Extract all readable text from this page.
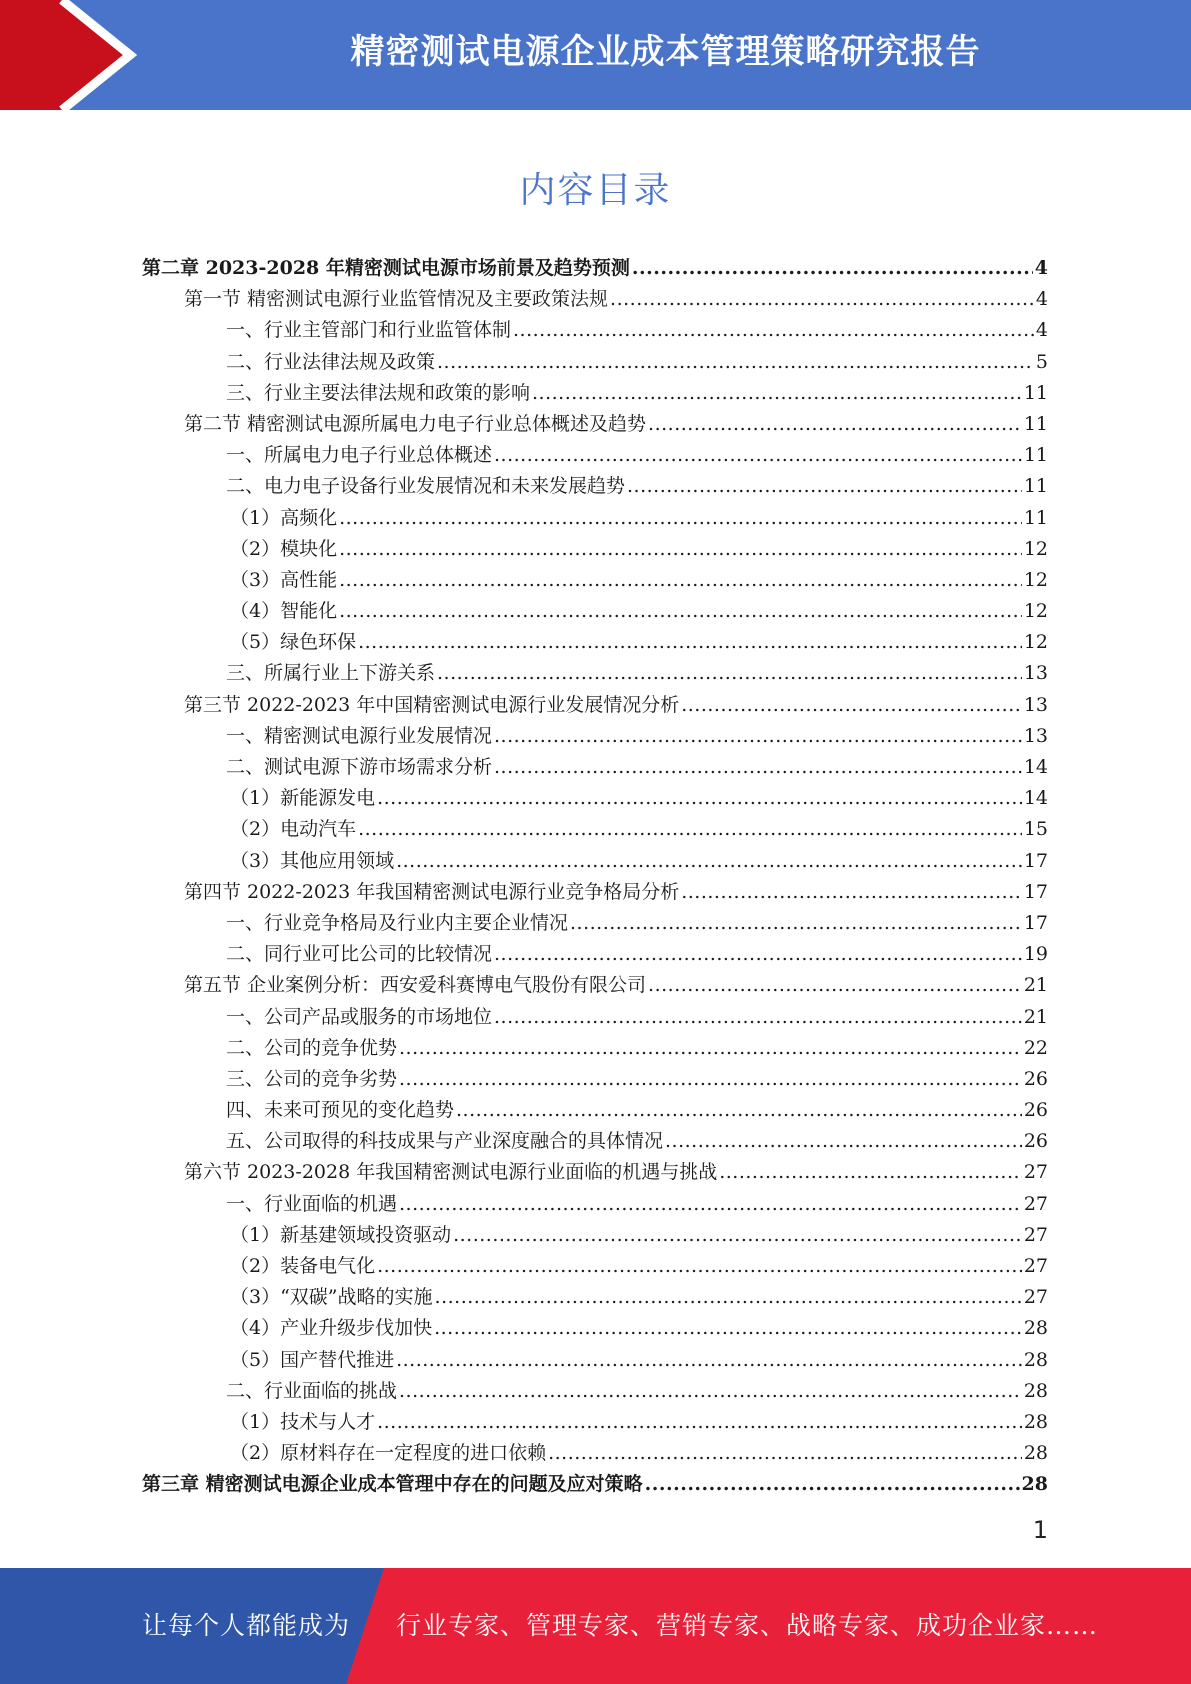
精密测试电源企业成本管理策略研究报告
内容目录
第二章 2023-2028 年精密测试电源市场前景及趋势预测 .....	4
第一节 精密测试电源行业监管情况及主要政策法规 .....	4
一、行业主管部门和行业监管体制 .....	4
二、行业法律法规及政策 .....	5
三、行业主要法律法规和政策的影响 .....	11
第二节 精密测试电源所属电力电子行业总体概述及趋势 .....	11
一、所属电力电子行业总体概述 .....	11
二、电力电子设备行业发展情况和未来发展趋势 .....	11
（1）高频化 .....	11
（2）模块化 .....	12
（3）高性能 .....	12
（4）智能化 .....	12
（5）绿色环保 .....	12
三、所属行业上下游关系 .....	13
第三节 2022-2023 年中国精密测试电源行业发展情况分析 .....	13
一、精密测试电源行业发展情况 .....	13
二、测试电源下游市场需求分析 .....	14
（1）新能源发电 .....	14
（2）电动汽车 .....	15
（3）其他应用领域 .....	17
第四节 2022-2023 年我国精密测试电源行业竞争格局分析 .....	17
一、行业竞争格局及行业内主要企业情况 .....	17
二、同行业可比公司的比较情况 .....	19
第五节 企业案例分析：西安爱科赛博电气股份有限公司 .....	21
一、公司产品或服务的市场地位 .....	21
二、公司的竞争优势 .....	22
三、公司的竞争劣势 .....	26
四、未来可预见的变化趋势 .....	26
五、公司取得的科技成果与产业深度融合的具体情况 .....	26
第六节 2023-2028 年我国精密测试电源行业面临的机遇与挑战 .....	27
一、行业面临的机遇 .....	27
（1）新基建领域投资驱动 .....	27
（2）装备电气化 .....	27
（3）“双碳”战略的实施 .....	27
（4）产业升级步伐加快 .....	28
（5）国产替代推进 .....	28
二、行业面临的挑战 .....	28
（1）技术与人才 .....	28
（2）原材料存在一定程度的进口依赖 .....	28
第三章 精密测试电源企业成本管理中存在的问题及应对策略 .....	28
1
让每个人都能成为 行业专家、管理专家、营销专家、战略专家、成功企业家……
